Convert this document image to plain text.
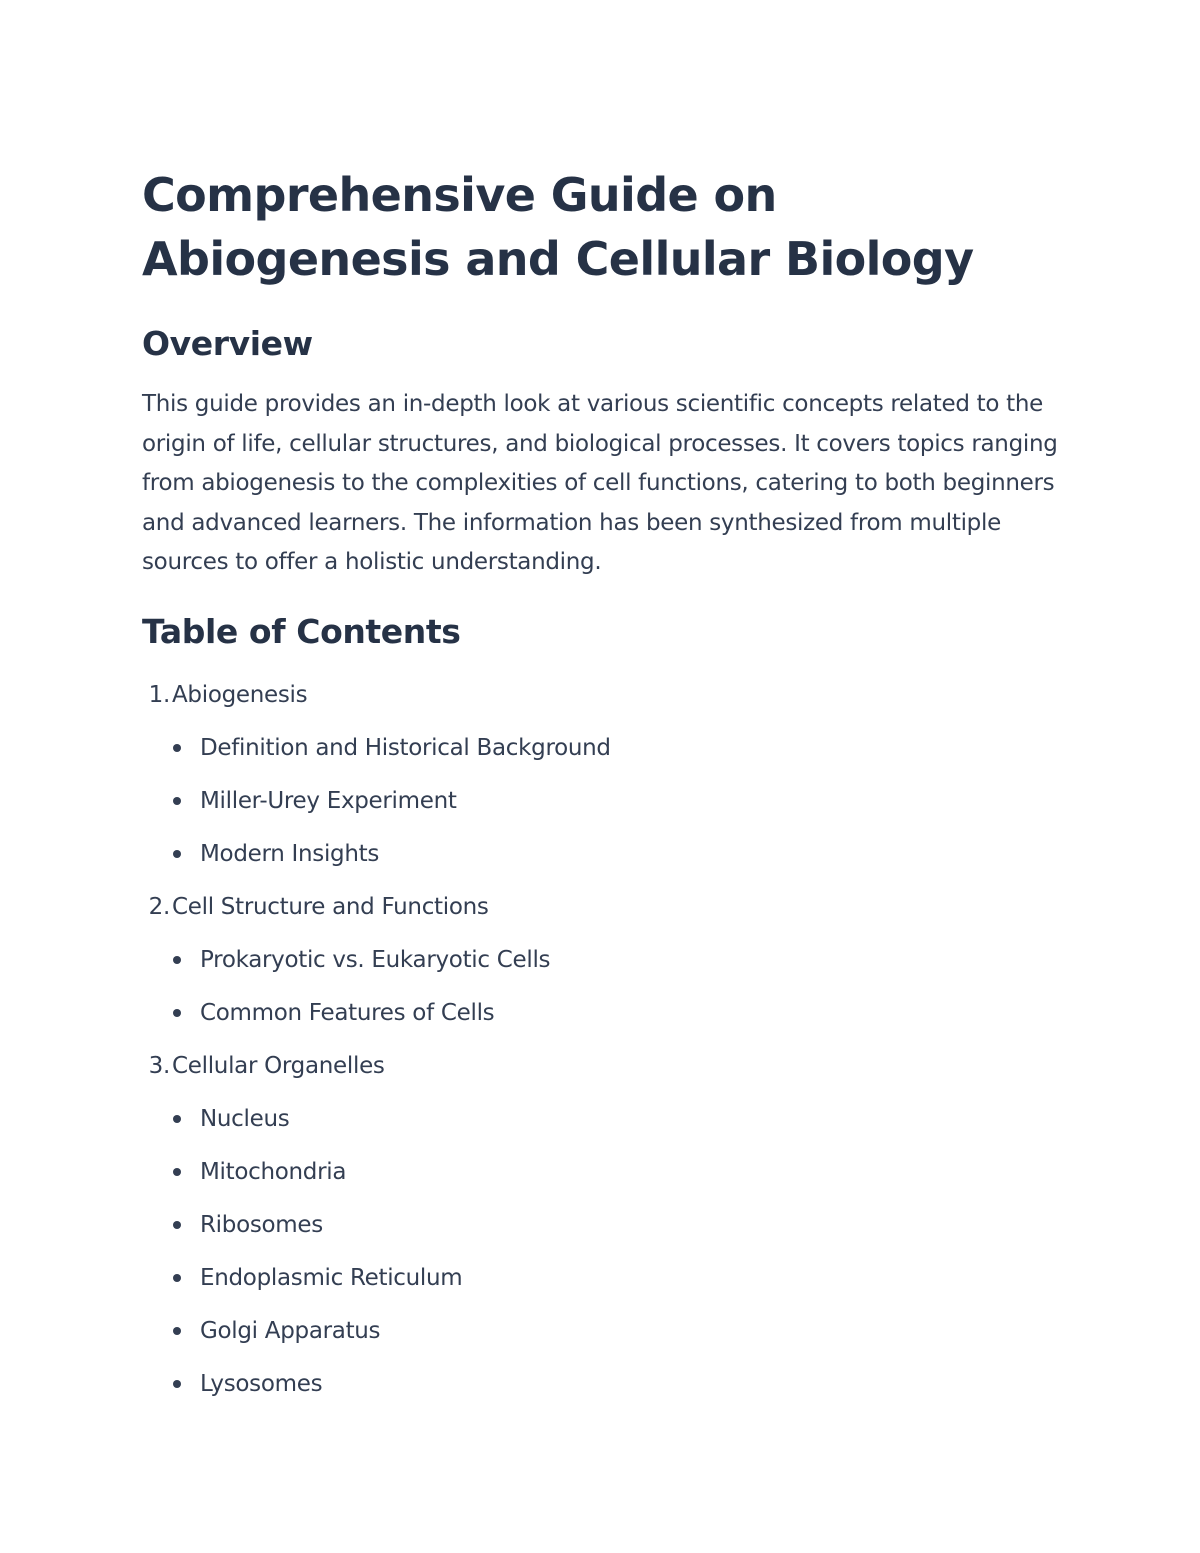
Comprehensive Guide on Abiogenesis and Cellular Biology
Overview

This guide provides an in-depth look at various scientific concepts related to the origin of life, cellular structures, and biological processes. It covers topics ranging from abiogenesis to the complexities of cell functions, catering to both beginners and advanced learners. The information has been synthesized from multiple sources to offer a holistic understanding.

Table of Contents
1. Abiogenesis
Definition and Historical Background
Miller-Urey Experiment
Modern Insights
2. Cell Structure and Functions
Prokaryotic vs. Eukaryotic Cells
Common Features of Cells
3. Cellular Organelles
Nucleus
Mitochondria
Ribosomes
Endoplasmic Reticulum
Golgi Apparatus
Lysosomes
